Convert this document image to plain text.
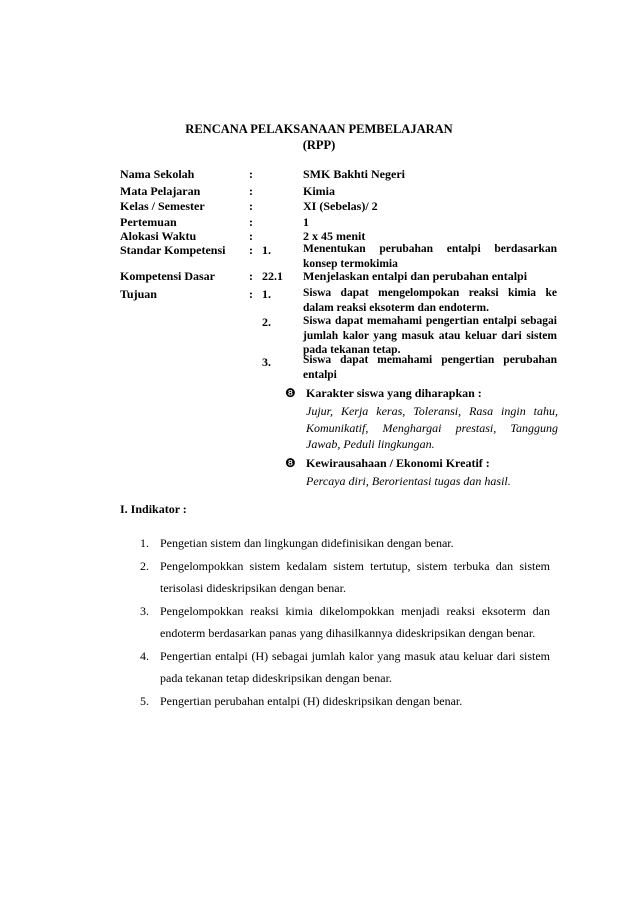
RENCANA PELAKSANAAN PEMBELAJARAN
(RPP)
Nama Sekolah	:	SMK Bakhti Negeri
Mata Pelajaran	:	Kimia
Kelas / Semester	:	XI (Sebelas)/ 2
Pertemuan	:	1
Alokasi Waktu	:	2 x 45 menit
Standar Kompetensi : 1.	Menentukan perubahan entalpi berdasarkan konsep termokimia
Kompetensi Dasar	: 22.1 Menjelaskan entalpi dan perubahan entalpi
Tujuan	: 1.	Siswa dapat mengelompokan reaksi kimia ke dalam reaksi eksoterm dan endoterm.
2.	Siswa dapat memahami pengertian entalpi sebagai jumlah kalor yang masuk atau keluar dari sistem pada tekanan tetap.
3.	Siswa dapat memahami pengertian perubahan entalpi
❽ Karakter siswa yang diharapkan :
Jujur, Kerja keras, Toleransi, Rasa ingin tahu, Komunikatif, Menghargai prestasi, Tanggung Jawab, Peduli lingkungan.
❽ Kewirausahaan / Ekonomi Kreatif :
Percaya diri, Berorientasi tugas dan hasil.
I. Indikator :
1. Pengetian sistem dan lingkungan didefinisikan dengan benar.
2. Pengelompokkan sistem kedalam sistem tertutup, sistem terbuka dan sistem terisolasi dideskripsikan dengan benar.
3. Pengelompokkan reaksi kimia dikelompokkan menjadi reaksi eksoterm dan endoterm berdasarkan panas yang dihasilkannya dideskripsikan dengan benar.
4. Pengertian entalpi (H) sebagai jumlah kalor yang masuk atau keluar dari sistem pada tekanan tetap dideskripsikan dengan benar.
5. Pengertian perubahan entalpi (H) dideskripsikan dengan benar.
